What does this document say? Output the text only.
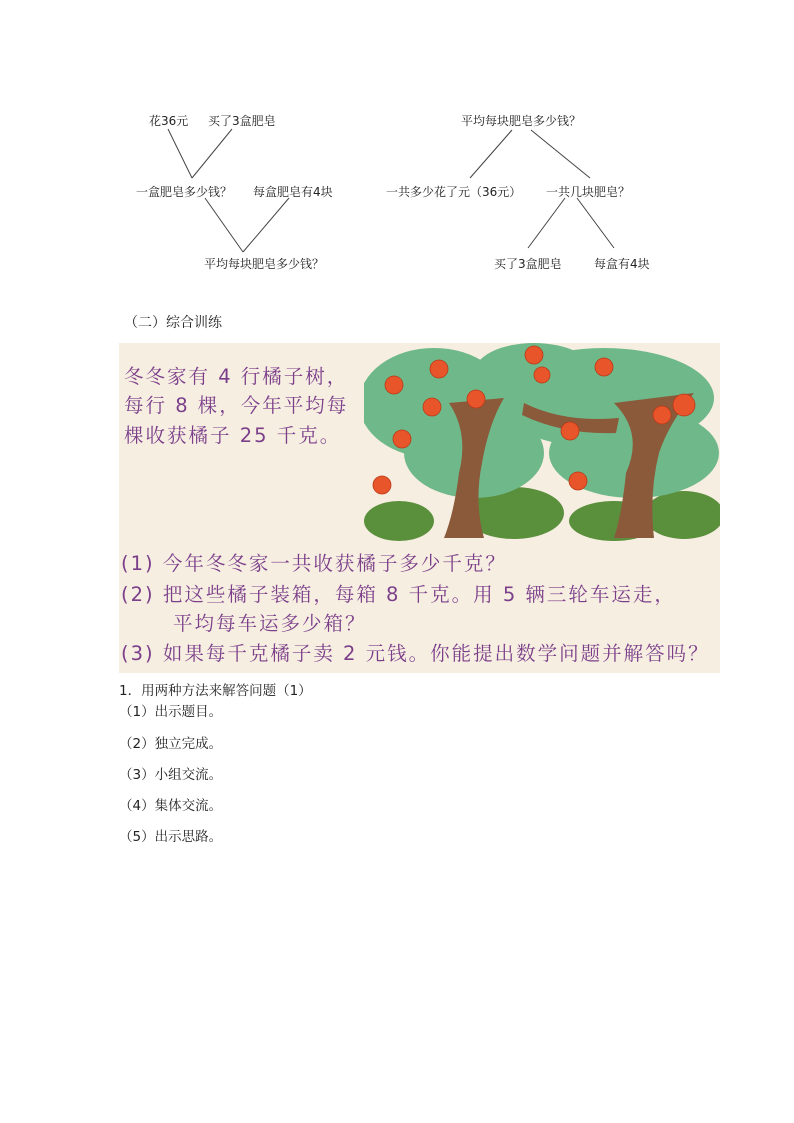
花36元 买了3盒肥皂
一盒肥皂多少钱？ 每盒肥皂有4块
平均每块肥皂多少钱？
平均每块肥皂多少钱？
一共多少花了元（36元） 一共几块肥皂？
买了3盒肥皂	每盒有4块
（二）综合训练
冬冬家有 4 行橘子树，
每行 8 棵，今年平均每
棵收获橘子 25 千克。
(1) 今年冬冬家一共收获橘子多少千克？
(2) 把这些橘子装箱，每箱 8 千克。用 5 辆三轮车运走，
平均每车运多少箱？
(3) 如果每千克橘子卖 2 元钱。你能提出数学问题并解答吗？
1．用两种方法来解答问题（1）
（1）出示题目。
（2）独立完成。
（3）小组交流。
（4）集体交流。
（5）出示思路。
